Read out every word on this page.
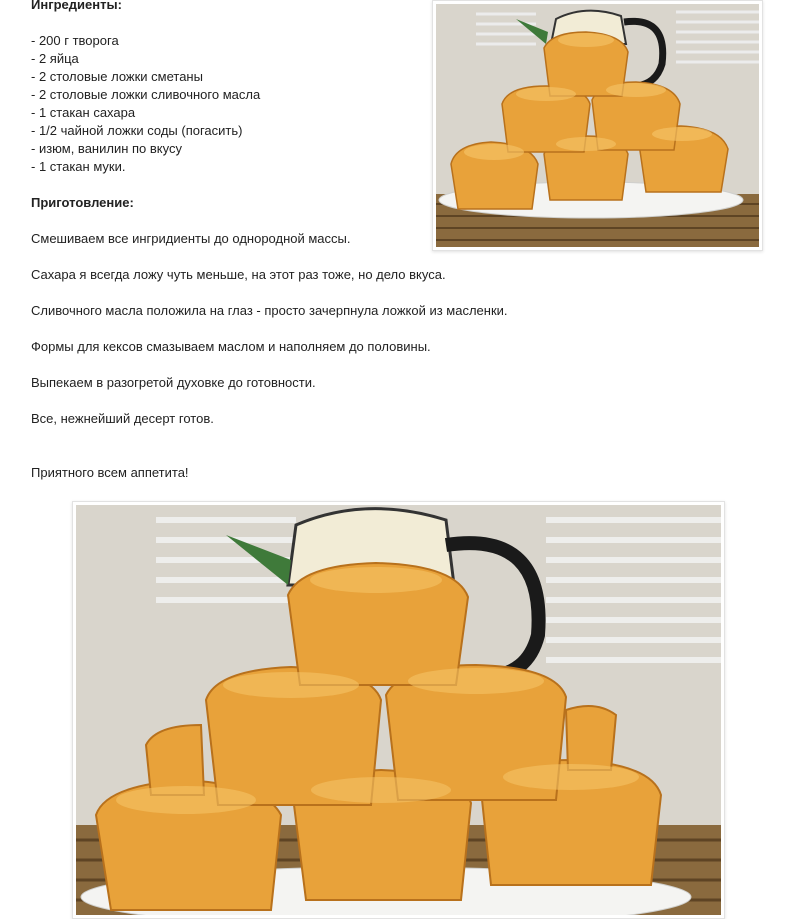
Ингредиенты:

- 200 г творога
- 2 яйца
- 2 столовые ложки сметаны
- 2 столовые ложки сливочного масла
- 1 стакан сахара
- 1/2 чайной ложки соды (погасить)
- изюм, ванилин по вкусу
- 1 стакан муки.

Приготовление:

Смешиваем все ингридиенты до однородной массы.

Сахара я всегда ложу чуть меньше, на этот раз тоже, но дело вкуса.

Сливочного масла положила на глаз - просто зачерпнула ложкой из масленки.

Формы для кексов смазываем маслом и наполняем до половины.

Выпекаем в разогретой духовке до готовности.

Все, нежнейший десерт готов.

Приятного всем аппетита!
